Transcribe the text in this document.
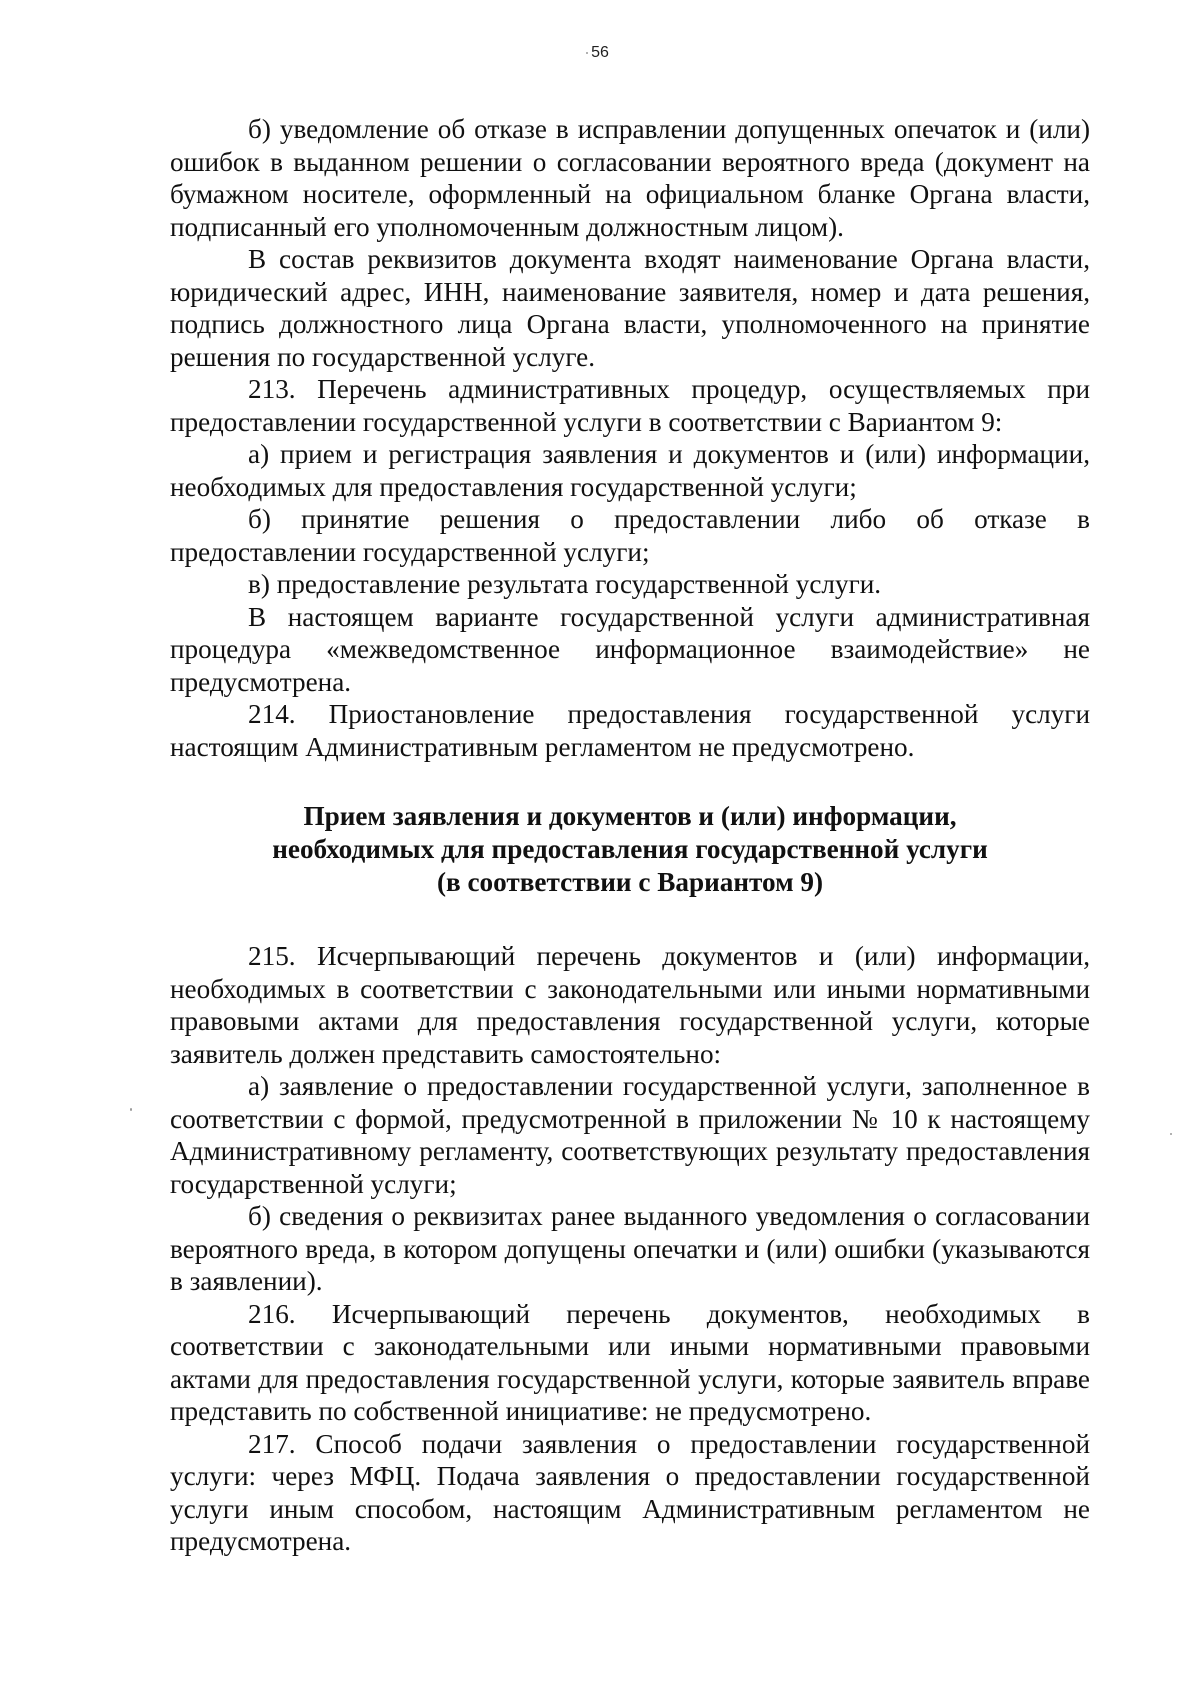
56

б) уведомление об отказе в исправлении допущенных опечаток и (или) ошибок в выданном решении о согласовании вероятного вреда (документ на бумажном носителе, оформленный на официальном бланке Органа власти, подписанный его уполномоченным должностным лицом).

В состав реквизитов документа входят наименование Органа власти, юридический адрес, ИНН, наименование заявителя, номер и дата решения, подпись должностного лица Органа власти, уполномоченного на принятие решения по государственной услуге.

213. Перечень административных процедур, осуществляемых при предоставлении государственной услуги в соответствии с Вариантом 9:

а) прием и регистрация заявления и документов и (или) информации, необходимых для предоставления государственной услуги;

б) принятие решения о предоставлении либо об отказе в предоставлении государственной услуги;

в) предоставление результата государственной услуги.

В настоящем варианте государственной услуги административная процедура «межведомственное информационное взаимодействие» не предусмотрена.

214. Приостановление предоставления государственной услуги настоящим Административным регламентом не предусмотрено.

Прием заявления и документов и (или) информации,
необходимых для предоставления государственной услуги
(в соответствии с Вариантом 9)

215. Исчерпывающий перечень документов и (или) информации, необходимых в соответствии с законодательными или иными нормативными правовыми актами для предоставления государственной услуги, которые заявитель должен представить самостоятельно:

а) заявление о предоставлении государственной услуги, заполненное в соответствии с формой, предусмотренной в приложении № 10 к настоящему Административному регламенту, соответствующих результату предоставления государственной услуги;

б) сведения о реквизитах ранее выданного уведомления о согласовании вероятного вреда, в котором допущены опечатки и (или) ошибки (указываются в заявлении).

216. Исчерпывающий перечень документов, необходимых в соответствии с законодательными или иными нормативными правовыми актами для предоставления государственной услуги, которые заявитель вправе представить по собственной инициативе: не предусмотрено.

217. Способ подачи заявления о предоставлении государственной услуги: через МФЦ. Подача заявления о предоставлении государственной услуги иным способом, настоящим Административным регламентом не предусмотрена.
